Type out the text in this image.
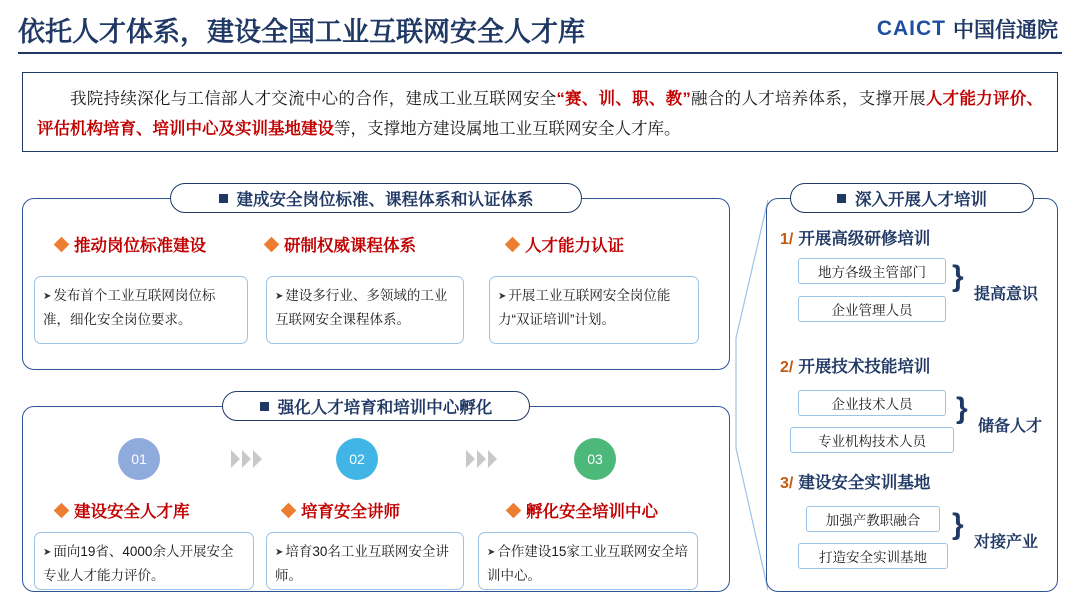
依托人才体系，建设全国工业互联网安全人才库	CAICT 中国信通院
我院持续深化与工信部人才交流中心的合作，建成工业互联网安全“赛、训、职、教”融合的人才培养体系，支撑开展人才能力评价、评估机构培育、培训中心及实训基地建设等，支撑地方建设属地工业互联网安全人才库。
建成安全岗位标准、课程体系和认证体系
推动岗位标准建设	研制权威课程体系	人才能力认证

➤ 发布首个工业互联网岗位标准，细化安全岗位要求。

➤ 建设多行业、多领域的工业互联网安全课程体系。

➤ 开展工业互联网安全岗位能力“双证培训”计划。

强化人才培育和培训中心孵化
01	02	03
建设安全人才库	培育安全讲师	孵化安全培训中心

➤ 面向19省、4000余人开展安全专业人才能力评价。

➤ 培育30名工业互联网安全讲师。

➤ 合作建设15家工业互联网安全培训中心。

深入开展人才培训
1/ 开展高级研修培训
地方各级主管部门
企业管理人员
}
提高意识
2/ 开展技术技能培训
企业技术人员
专业机构技术人员
}
储备人才
3/ 建设安全实训基地
加强产教职融合
打造安全实训基地
}
对接产业
